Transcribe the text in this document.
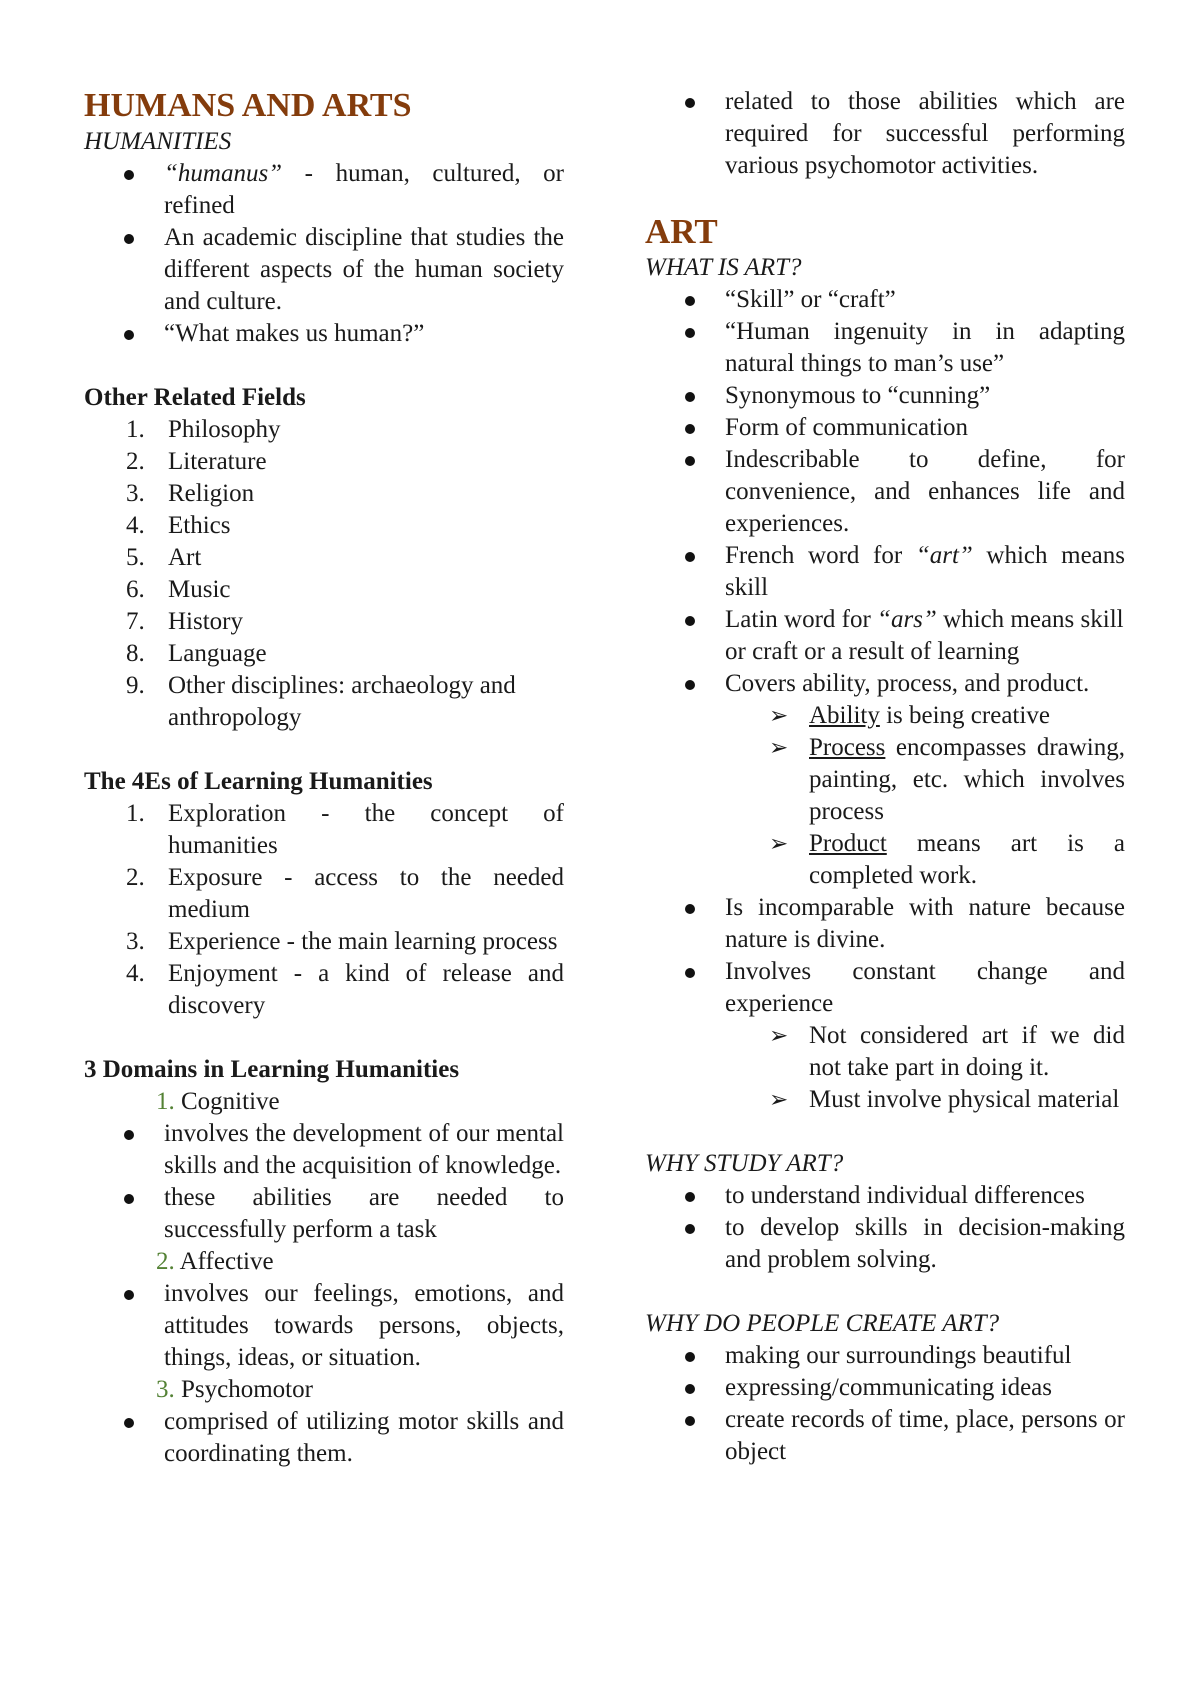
HUMANS AND ARTS
HUMANITIES
“humanus” - human, cultured, or refined
An academic discipline that studies the different aspects of the human society and culture.
“What makes us human?”
Other Related Fields
1. Philosophy
2. Literature
3. Religion
4. Ethics
5. Art
6. Music
7. History
8. Language
9. Other disciplines: archaeology and anthropology
The 4Es of Learning Humanities
1. Exploration - the concept of humanities
2. Exposure - access to the needed medium
3. Experience - the main learning process
4. Enjoyment - a kind of release and discovery
3 Domains in Learning Humanities
1. Cognitive
involves the development of our mental skills and the acquisition of knowledge.
these abilities are needed to successfully perform a task
2. Affective
involves our feelings, emotions, and attitudes towards persons, objects, things, ideas, or situation.
3. Psychomotor
comprised of utilizing motor skills and coordinating them.
related to those abilities which are required for successful performing various psychomotor activities.
ART
WHAT IS ART?
“Skill” or “craft”
“Human ingenuity in in adapting natural things to man’s use”
Synonymous to “cunning”
Form of communication
Indescribable to define, for convenience, and enhances life and experiences.
French word for “art” which means skill
Latin word for “ars” which means skill or craft or a result of learning
Covers ability, process, and product.
➢ Ability is being creative
➢ Process encompasses drawing, painting, etc. which involves process
➢ Product means art is a completed work.
Is incomparable with nature because nature is divine.
Involves constant change and experience
➢ Not considered art if we did not take part in doing it.
➢ Must involve physical material
WHY STUDY ART?
to understand individual differences
to develop skills in decision-making and problem solving.
WHY DO PEOPLE CREATE ART?
making our surroundings beautiful
expressing/communicating ideas
create records of time, place, persons or object
